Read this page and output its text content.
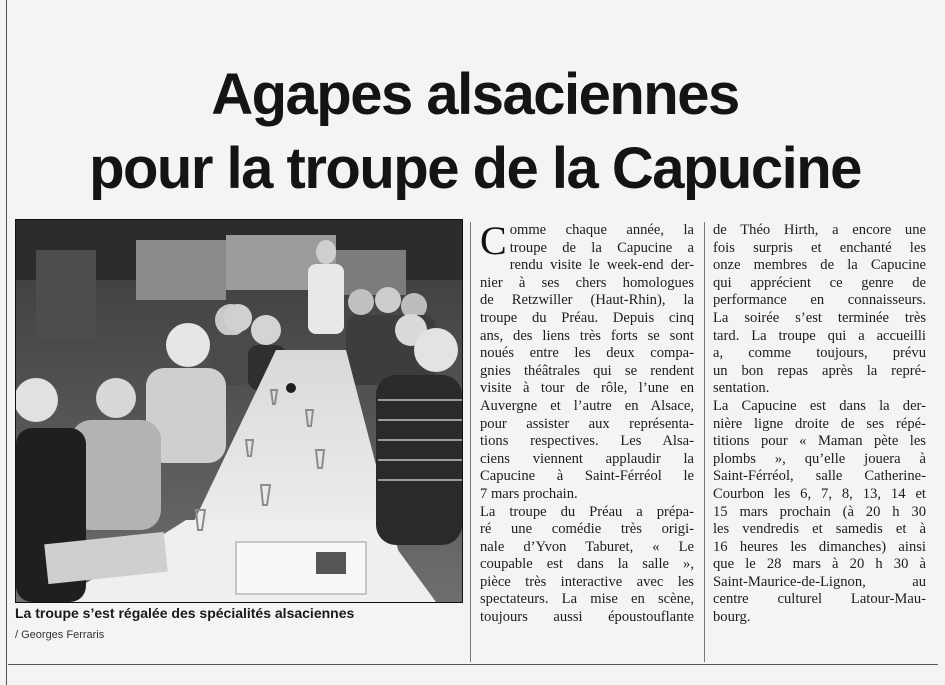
Agapes alsaciennes
pour la troupe de la Capucine
La troupe s’est régalée des spécialités alsaciennes
/ Georges Ferraris
C omme chaque année, la
troupe de la Capucine a
rendu visite le week-end der-
nier à ses chers homologues
de Retzwiller (Haut-Rhin), la
troupe du Préau. Depuis cinq
ans, des liens très forts se sont
noués entre les deux compa-
gnies théâtrales qui se rendent
visite à tour de rôle, l’une en
Auvergne et l’autre en Alsace,
pour assister aux représenta-
tions respectives. Les Alsa-
ciens viennent applaudir la
Capucine à Saint-Férréol le
7 mars prochain.
La troupe du Préau a prépa-
ré une comédie très origi-
nale d’Yvon Taburet, « Le
coupable est dans la salle »,
pièce très interactive avec les
spectateurs. La mise en scène,
toujours aussi époustouflante
de Théo Hirth, a encore une
fois surpris et enchanté les
onze membres de la Capucine
qui apprécient ce genre de
performance en connaisseurs.
La soirée s’est terminée très
tard. La troupe qui a accueilli
a, comme toujours, prévu
un bon repas après la repré-
sentation.
La Capucine est dans la der-
nière ligne droite de ses répé-
titions pour « Maman pète les
plombs », qu’elle jouera à
Saint-Férréol, salle Catherine-
Courbon les 6, 7, 8, 13, 14 et
15 mars prochain (à 20 h 30
les vendredis et samedis et à
16 heures les dimanches) ainsi
que le 28 mars à 20 h 30 à
Saint-Maurice-de-Lignon, au
centre culturel Latour-Mau-
bourg.
